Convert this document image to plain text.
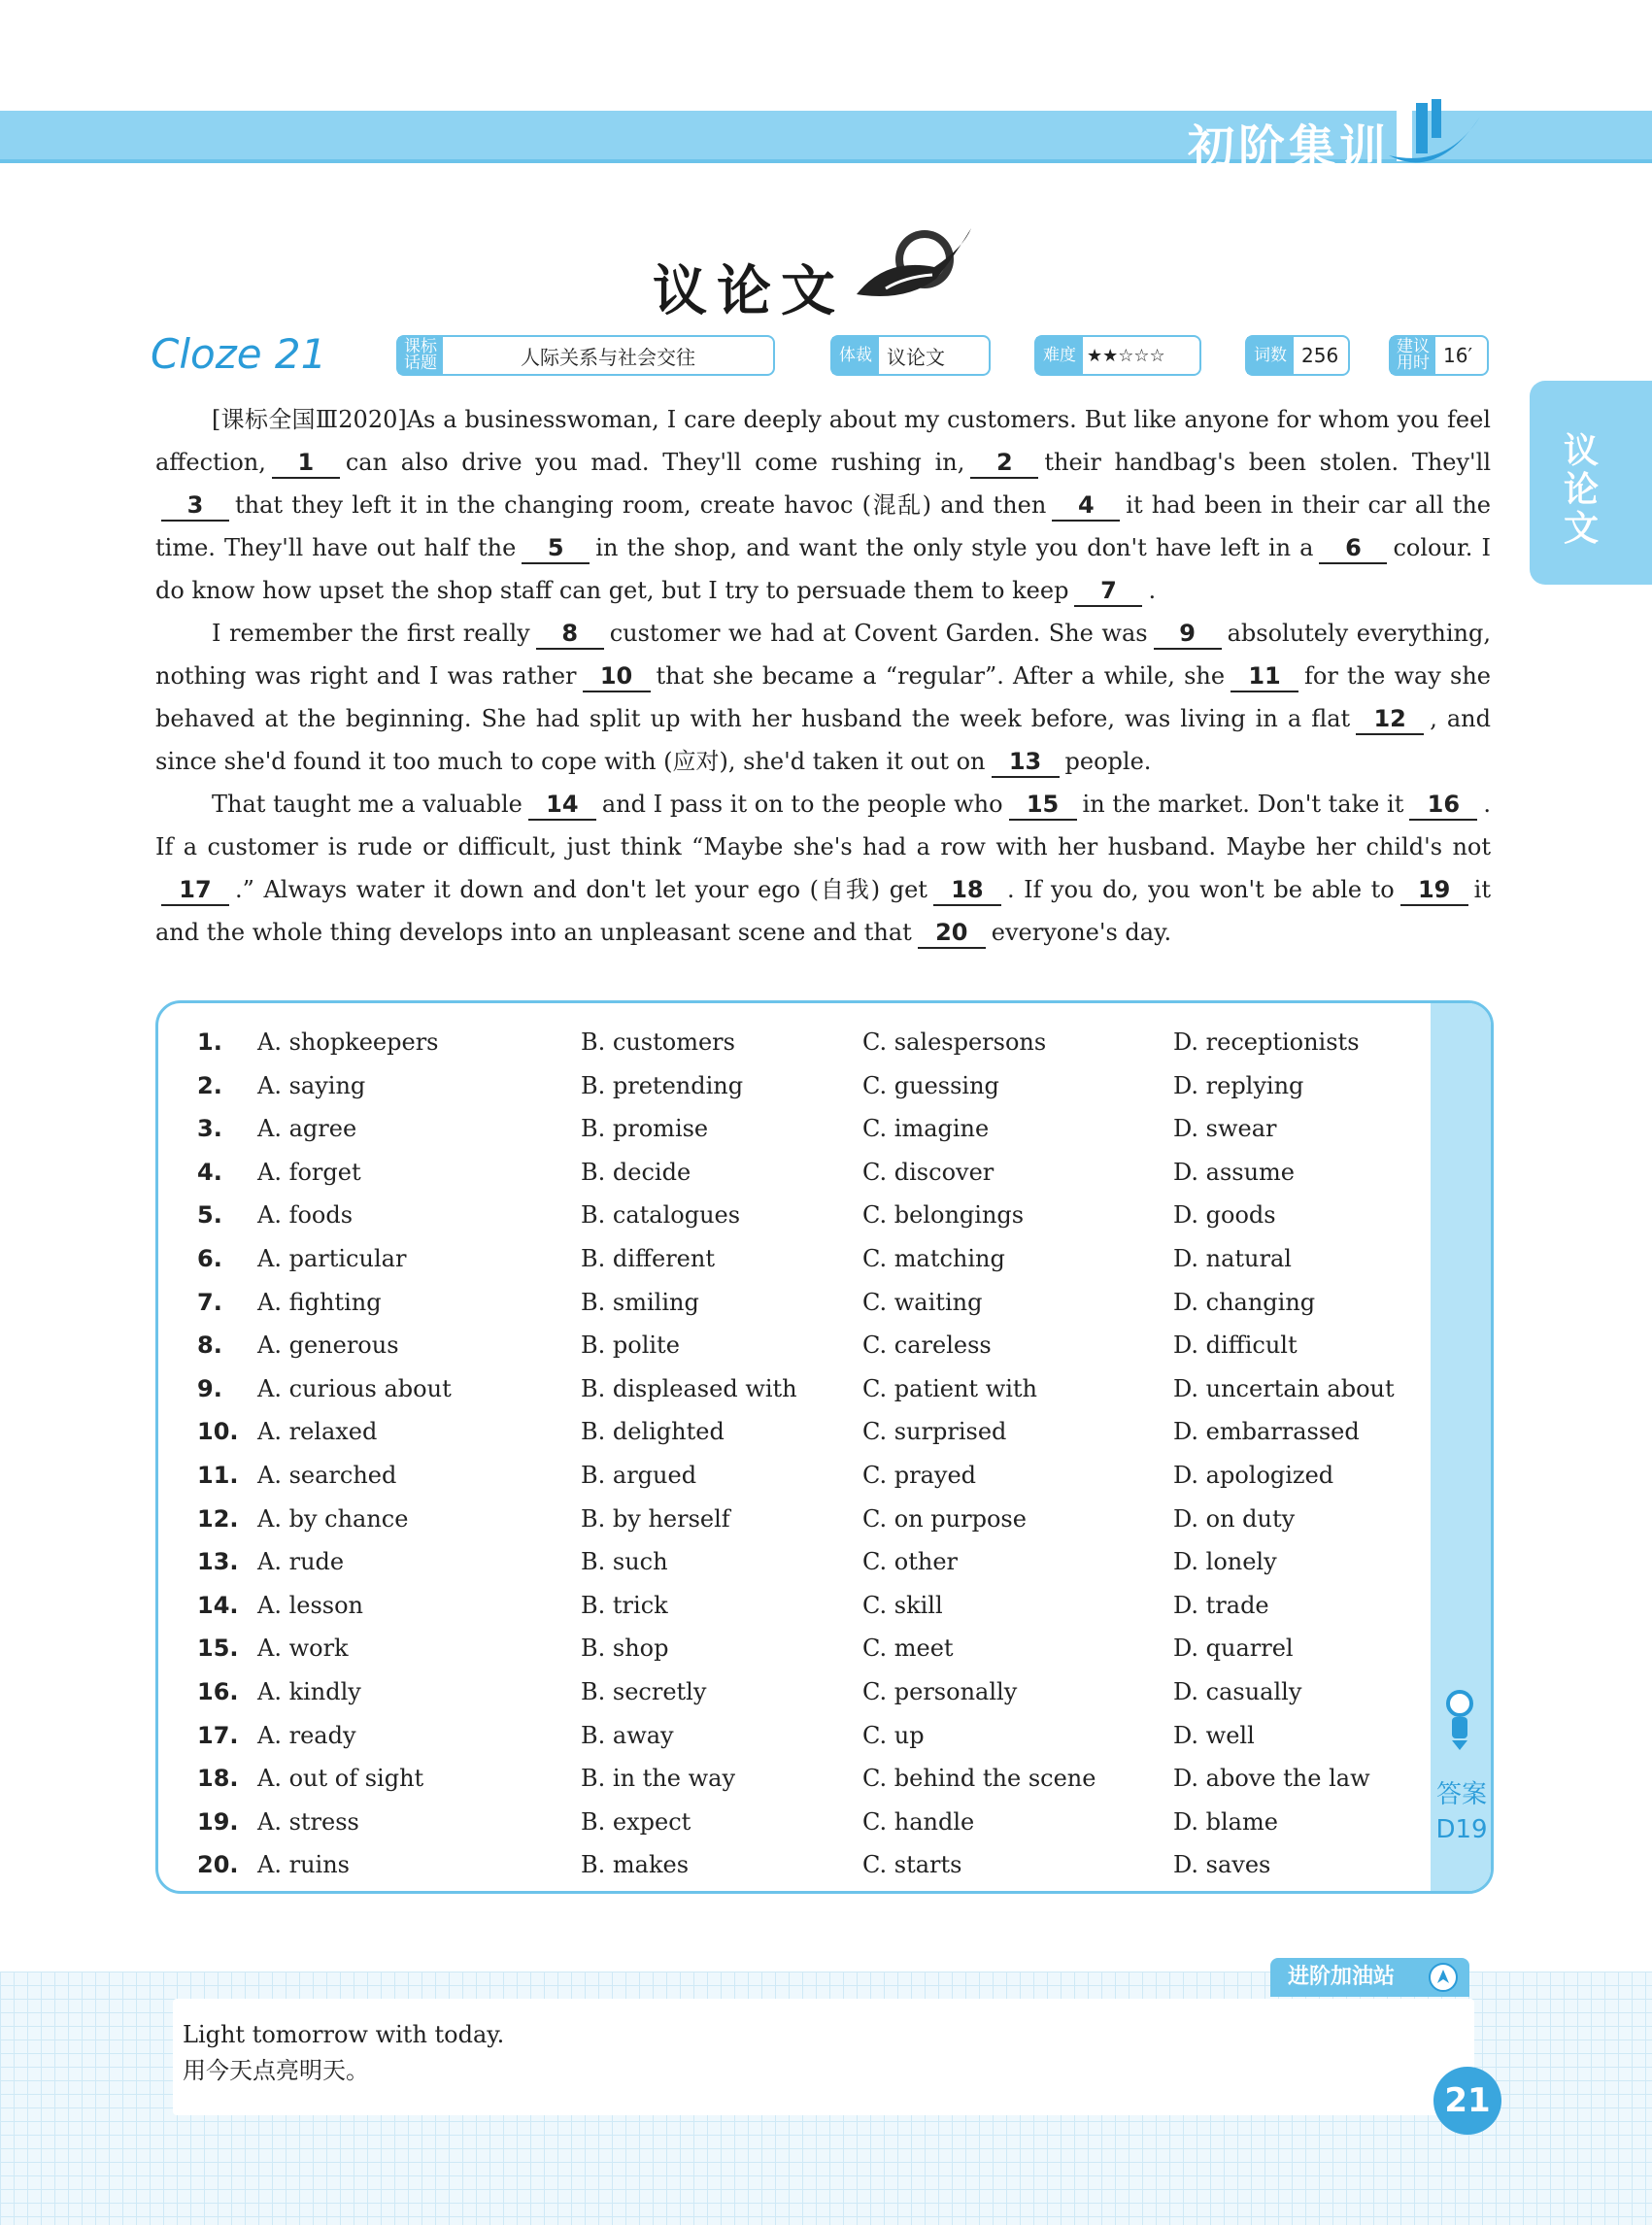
初阶集训
议论文
议论文
Cloze 21	课标话题	人际关系与社会交往	体裁 议论文	难度 ★★☆☆☆	词数 256	建议用时 16′

[课标全国Ⅲ2020]As a businesswoman, I care deeply about my customers. But like anyone for whom you feel affection, 1 can also drive you mad. They'll come rushing in, 2 their handbag's been stolen. They'll3 that they left it in the changing room, create havoc (混乱) and then 4 it had been in their car all the time. They'll have out half the 5 in the shop, and want the only style you don't have left in a 6 colour. I do know how upset the shop staff can get, but I try to persuade them to keep 7 .

I remember the first really 8 customer we had at Covent Garden. She was 9 absolutely everything, nothing was right and I was rather 10 that she became a “regular”. After a while, she 11 for the way she behaved at the beginning. She had split up with her husband the week before, was living in a flat 12 , and since she'd found it too much to cope with (应对), she'd taken it out on 13 people.

That taught me a valuable 14 and I pass it on to the people who 15 in the market. Don't take it 16 . If a customer is rude or difficult, just think “Maybe she's had a row with her husband. Maybe her child's not17 .” Always water it down and don't let your ego (自我) get 18 . If you do, you won't be able to 19 it and the whole thing develops into an unpleasant scene and that 20 everyone's day.

1. A. shopkeepers	B. customers	C. salespersons	D. receptionists
2. A. saying	B. pretending	C. guessing	D. replying
3. A. agree	B. promise	C. imagine	D. swear
4. A. forget	B. decide	C. discover	D. assume
5. A. foods	B. catalogues	C. belongings	D. goods
6. A. particular	B. different	C. matching	D. natural
7. A. fighting	B. smiling	C. waiting	D. changing
8. A. generous	B. polite	C. careless	D. difficult
9. A. curious about	B. displeased with	C. patient with	D. uncertain about
10. A. relaxed	B. delighted	C. surprised	D. embarrassed
11. A. searched	B. argued	C. prayed	D. apologized
12. A. by chance	B. by herself	C. on purpose	D. on duty
13. A. rude	B. such	C. other	D. lonely
14. A. lesson	B. trick	C. skill	D. trade
15. A. work	B. shop	C. meet	D. quarrel
16. A. kindly	B. secretly	C. personally	D. casually
17. A. ready	B. away	C. up	D. well
18. A. out of sight	B. in the way	C. behind the scene	D. above the law
19. A. stress	B. expect	C. handle	D. blame
20. A. ruins	B. makes	C. starts	D. saves
答案
D19
进阶加油站
Light tomorrow with today.
用今天点亮明天。
21
